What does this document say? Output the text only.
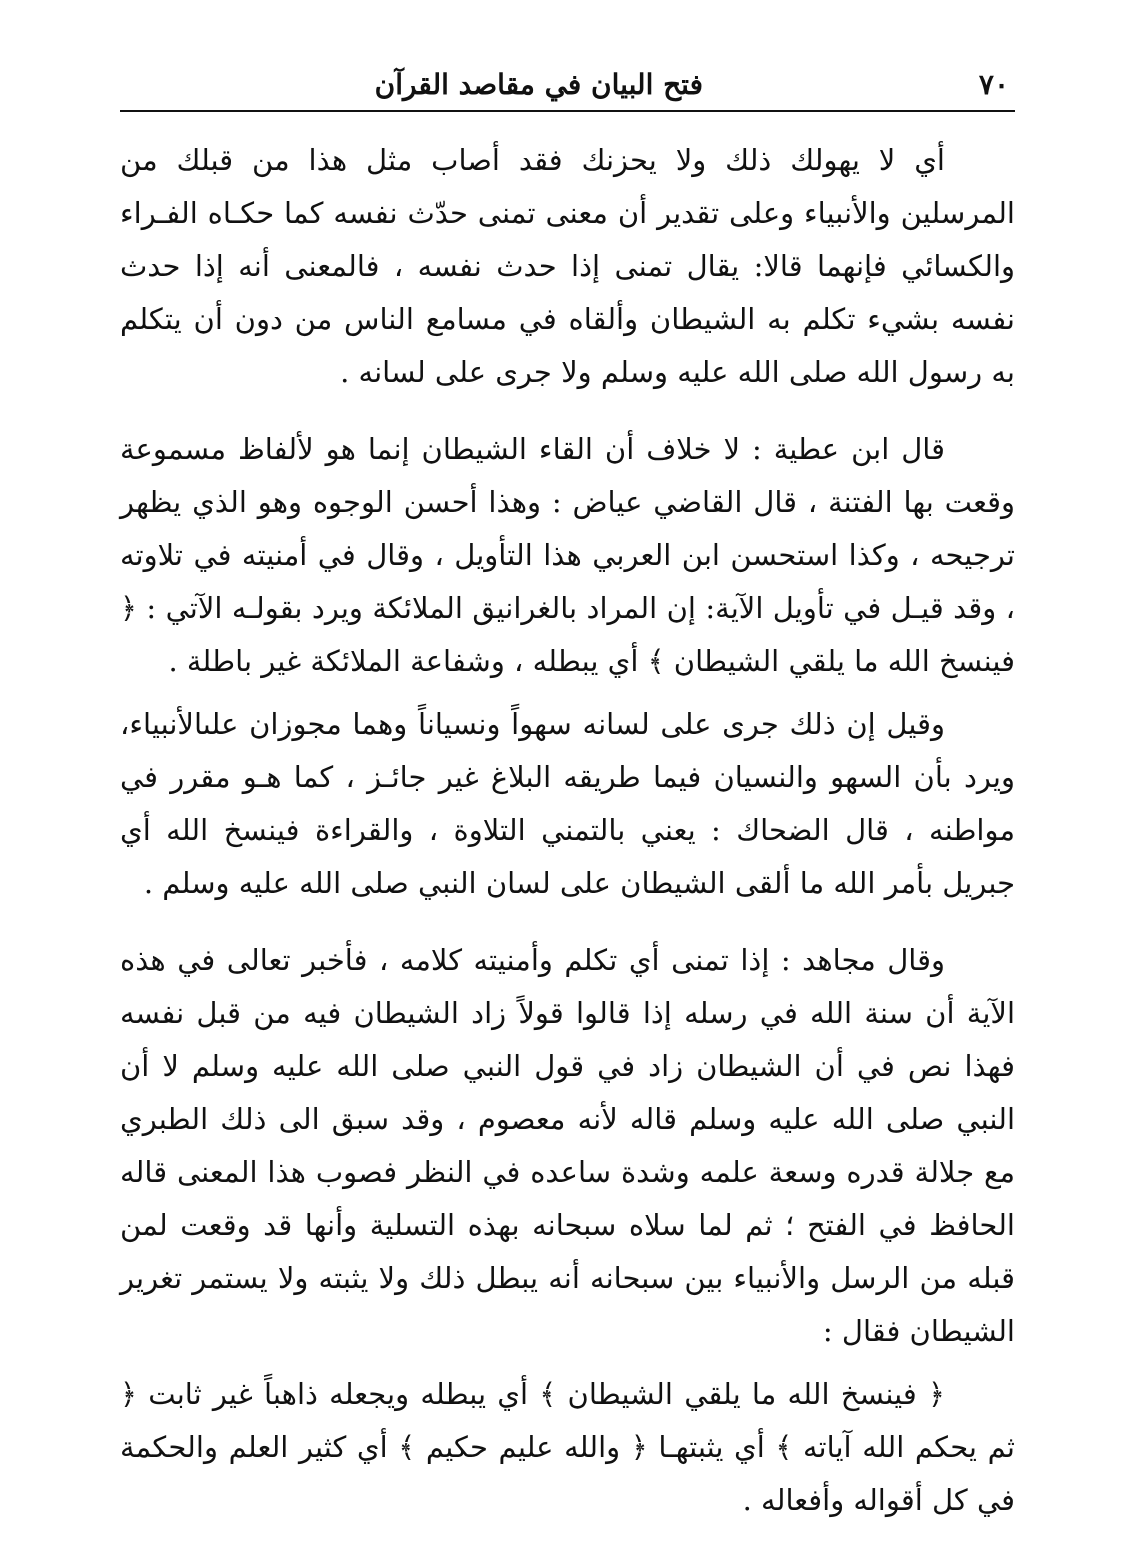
٧٠
فتح البيان في مقاصد القرآن

أي لا يهولك ذلك ولا يحزنك فقد أصاب مثل هذا من قبلك من المرسلين والأنبياء وعلى تقدير أن معنى تمنى حدّث نفسه كما حكـاه الفـراء والكسائي فإنهما قالا: يقال تمنى إذا حدث نفسه ، فالمعنى أنه إذا حدث نفسه بشيء تكلم به الشيطان وألقاه في مسامع الناس من دون أن يتكلم به رسول الله صلى الله عليه وسلم ولا جرى على لسانه .

قال ابن عطية : لا خلاف أن القاء الشيطان إنما هو لألفاظ مسموعة وقعت بها الفتنة ، قال القاضي عياض : وهذا أحسن الوجوه وهو الذي يظهر ترجيحه ، وكذا استحسن ابن العربي هذا التأويل ، وقال في أمنيته في تلاوته ، وقد قيـل في تأويل الآية: إن المراد بالغرانيق الملائكة ويرد بقولـه الآتي : ﴿ فينسخ الله ما يلقي الشيطان ﴾ أي يبطله ، وشفاعة الملائكة غير باطلة .

وقيل إن ذلك جرى على لسانه سهواً ونسياناً وهما مجوزان علىالأنبياء، ويرد بأن السهو والنسيان فيما طريقه البلاغ غير جائـز ، كما هـو مقرر في مواطنه ، قال الضحاك : يعني بالتمني التلاوة ، والقراءة فينسخ الله أي جبريل بأمر الله ما ألقى الشيطان على لسان النبي صلى الله عليه وسلم .

وقال مجاهد : إذا تمنى أي تكلم وأمنيته كلامه ، فأخبر تعالى في هذه الآية أن سنة الله في رسله إذا قالوا قولاً زاد الشيطان فيه من قبل نفسه فهذا نص في أن الشيطان زاد في قول النبي صلى الله عليه وسلم لا أن النبي صلى الله عليه وسلم قاله لأنه معصوم ، وقد سبق الى ذلك الطبري مع جلالة قدره وسعة علمه وشدة ساعده في النظر فصوب هذا المعنى قاله الحافظ في الفتح ؛ ثم لما سلاه سبحانه بهذه التسلية وأنها قد وقعت لمن قبله من الرسل والأنبياء بين سبحانه أنه يبطل ذلك ولا يثبته ولا يستمر تغرير الشيطان فقال :

﴿ فينسخ الله ما يلقي الشيطان ﴾ أي يبطله ويجعله ذاهباً غير ثابت ﴿ ثم يحكم الله آياته ﴾ أي يثبتهـا ﴿ والله عليم حكيم ﴾ أي كثير العلم والحكمة في كل أقواله وأفعاله .
